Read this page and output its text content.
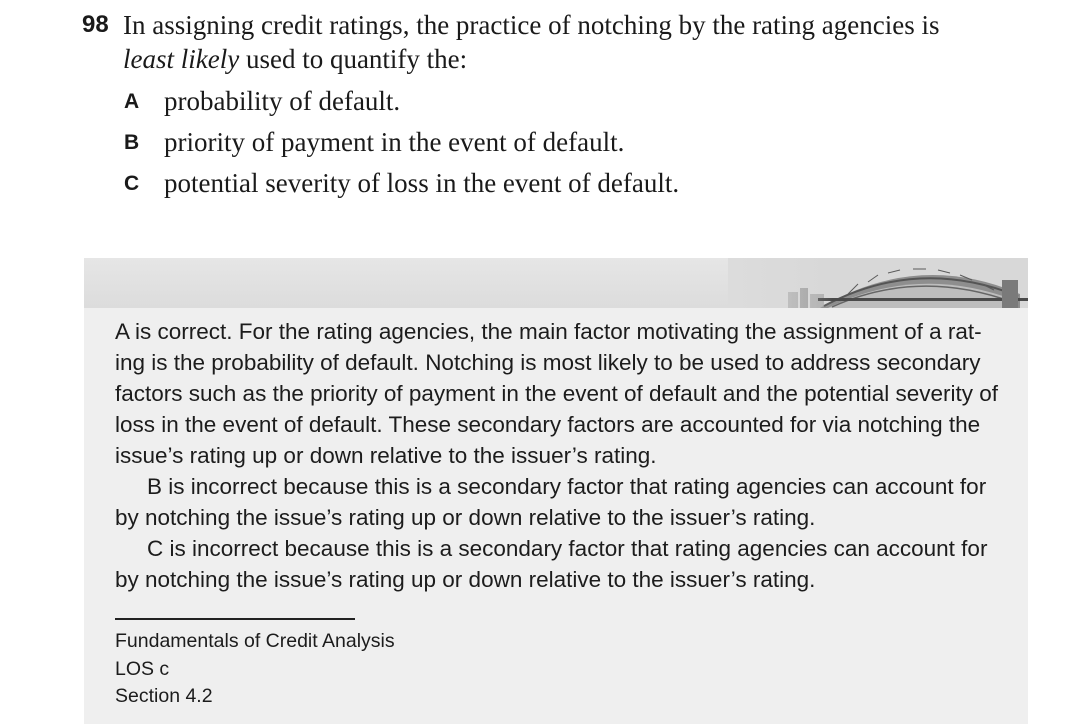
98 In assigning credit ratings, the practice of notching by the rating agencies is
least likely used to quantify the:
A probability of default.
B priority of payment in the event of default.
C potential severity of loss in the event of default.

A is correct. For the rating agencies, the main factor motivating the assignment of a rat-ing is the probability of default. Notching is most likely to be used to address secondary factors such as the priority of payment in the event of default and the potential severity of loss in the event of default. These secondary factors are accounted for via notching the issue’s rating up or down relative to the issuer’s rating.

B is incorrect because this is a secondary factor that rating agencies can account for by notching the issue’s rating up or down relative to the issuer’s rating.

C is incorrect because this is a secondary factor that rating agencies can account for by notching the issue’s rating up or down relative to the issuer’s rating.

Fundamentals of Credit Analysis
LOS c
Section 4.2
